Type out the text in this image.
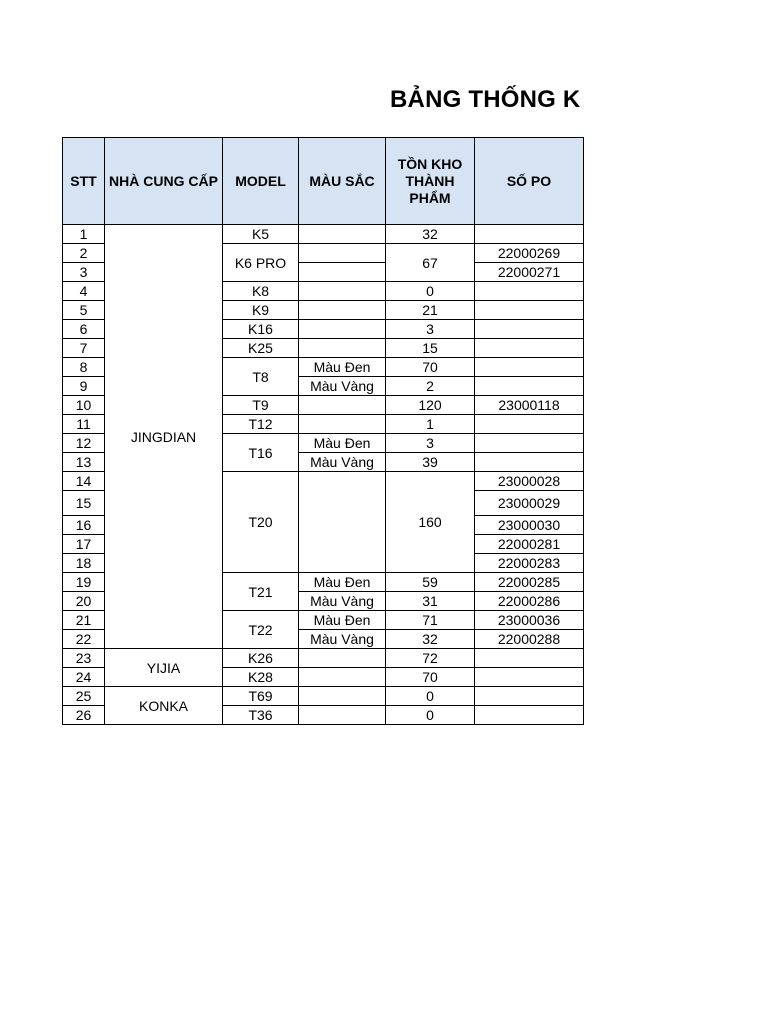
BẢNG THỐNG K
STT	NHÀ CUNG CẤP	MODEL	MÀU SẮC	TỒN KHO THÀNH PHẨM	SỐ PO
1	JINGDIAN	K5		32	
2		K6 PRO		67	22000269
3					22000271
4		K8		0	
5		K9		21	
6		K16		3	
7		K25		15	
8		T8	Màu Đen	70	
9			Màu Vàng	2	
10		T9		120	23000118
11		T12		1	
12		T16	Màu Đen	3	
13			Màu Vàng	39	
14		T20		160	23000028
15					23000029
16					23000030
17					22000281
18					22000283
19		T21	Màu Đen	59	22000285
20			Màu Vàng	31	22000286
21		T22	Màu Đen	71	23000036
22			Màu Vàng	32	22000288
23	YIJIA	K26		72	
24		K28		70	
25	KONKA	T69		0	
26		T36		0	
